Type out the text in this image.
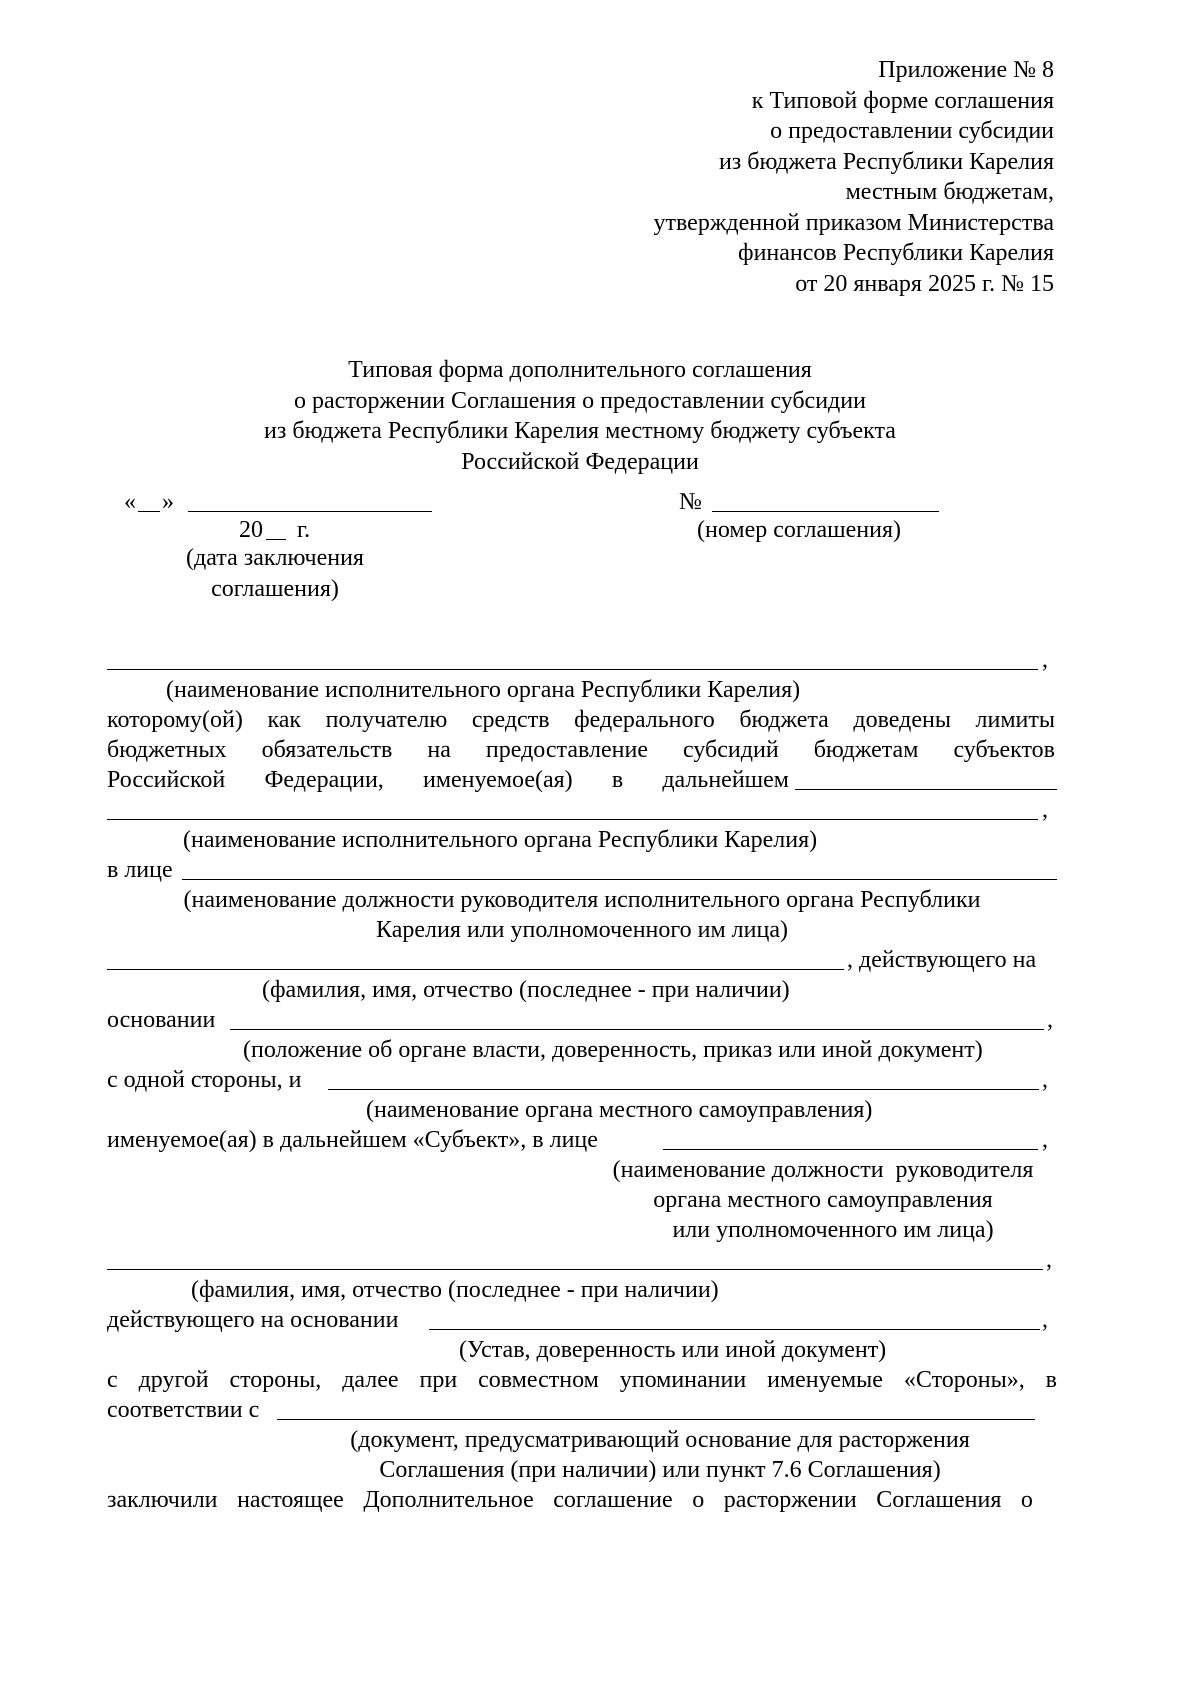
Приложение № 8
к Типовой форме соглашения
о предоставлении субсидии
из бюджета Республики Карелия
местным бюджетам,
утвержденной приказом Министерства
финансов Республики Карелия
от 20 января 2025 г. № 15
Типовая форма дополнительного соглашения
о расторжении Соглашения о предоставлении субсидии
из бюджета Республики Карелия местному бюджету субъекта
Российской Федерации
« »
20 г.
(дата заключения
соглашения)
№
(номер соглашения)
,
(наименование исполнительного органа Республики Карелия)
которому(ой) как получателю средств федерального бюджета доведены лимиты
бюджетных обязательств на предоставление субсидий бюджетам субъектов
Российской Федерации, именуемое(ая) в дальнейшем
,
(наименование исполнительного органа Республики Карелия)
в лице
(наименование должности руководителя исполнительного органа Республики
Карелия или уполномоченного им лица)
, действующего на
(фамилия, имя, отчество (последнее - при наличии)
основании	,
(положение об органе власти, доверенность, приказ или иной документ)
с одной стороны, и	,
(наименование органа местного самоуправления)
именуемое(ая) в дальнейшем «Субъект», в лице	,
(наименование должности  руководителя
органа местного самоуправления
или уполномоченного им лица)
,
(фамилия, имя, отчество (последнее - при наличии)
действующего на основании	,
(Устав, доверенность или иной документ)
с другой стороны, далее при совместном упоминании именуемые «Стороны», в
соответствии с
(документ, предусматривающий основание для расторжения
Соглашения (при наличии) или пункт 7.6 Соглашения)
заключили настоящее Дополнительное соглашение о расторжении Соглашения о
